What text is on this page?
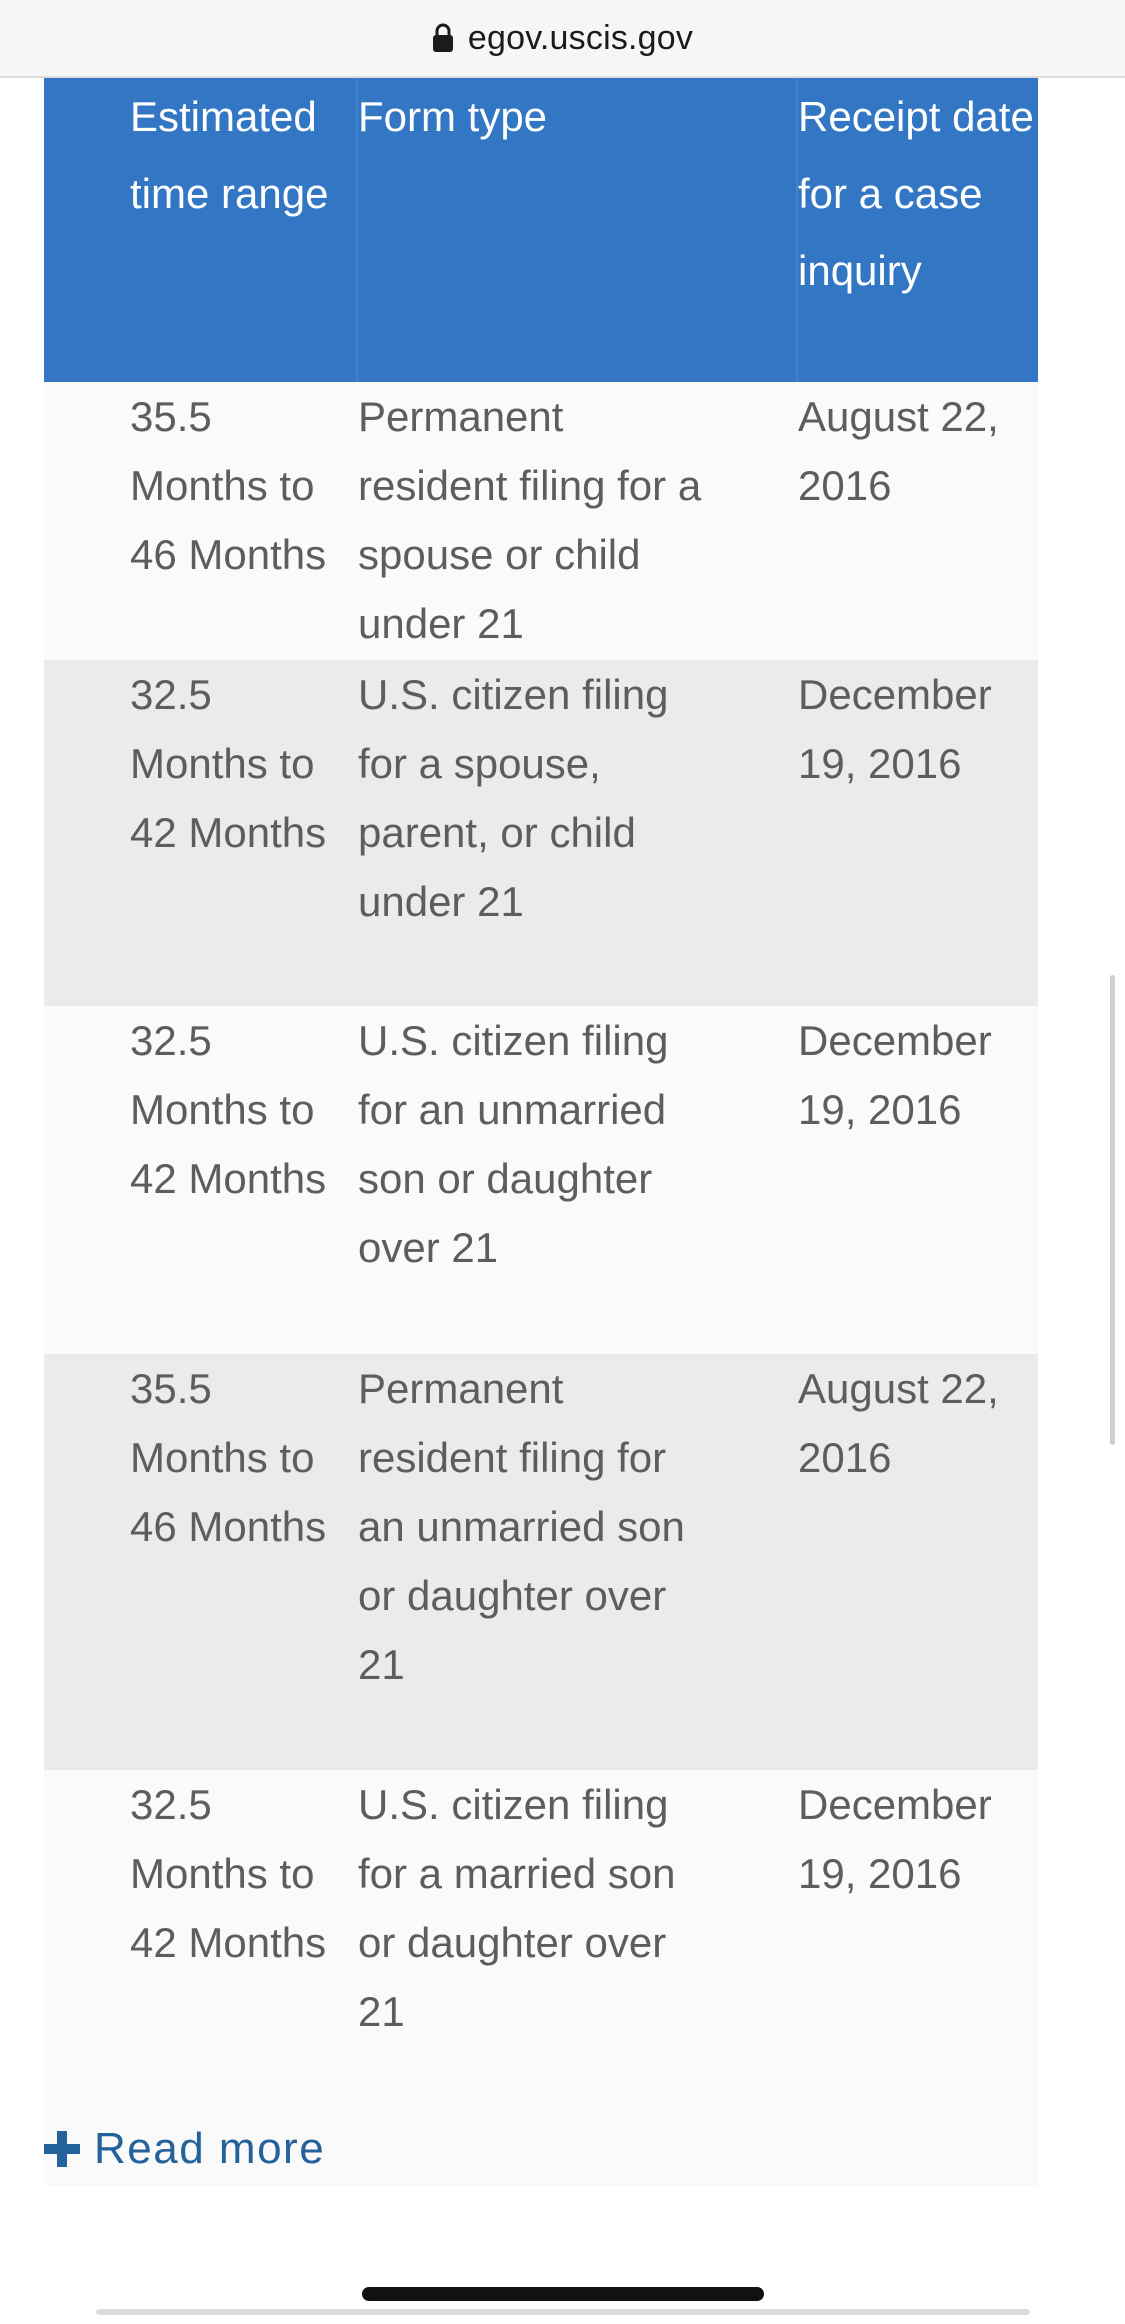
egov.uscis.gov
Estimated time range
Form type	Receipt date for a case inquiry
35.5 Months to 46 Months
Permanent resident filing for a spouse or child under 21
August 22, 2016
32.5 Months to 42 Months
U.S. citizen filing for a spouse, parent, or child under 21
December 19, 2016
32.5 Months to 42 Months
U.S. citizen filing for an unmarried son or daughter over 21
December 19, 2016
35.5 Months to 46 Months
Permanent resident filing for an unmarried son or daughter over 21
August 22, 2016
32.5 Months to 42 Months
U.S. citizen filing for a married son or daughter over 21
December 19, 2016
Read more
